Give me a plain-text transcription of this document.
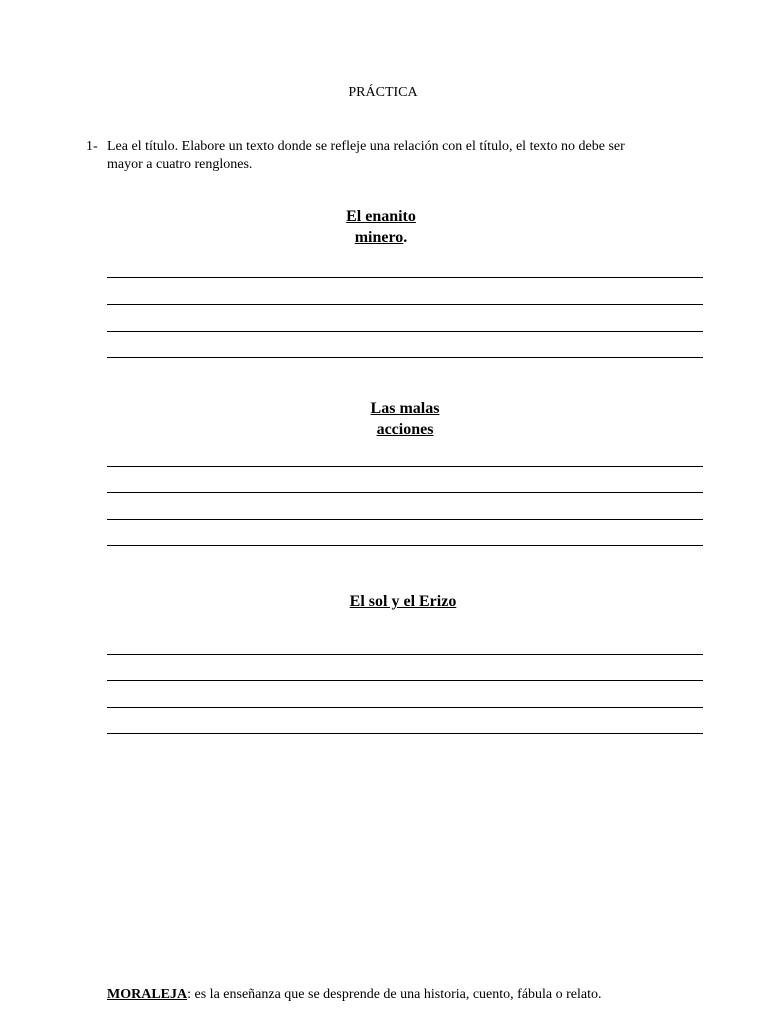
PRÁCTICA
1- Lea el título. Elabore un texto donde se refleje una relación con el título, el texto no debe ser
mayor a cuatro renglones.
El enanito
minero.
Las malas
acciones
El sol y el Erizo
MORALEJA: es la enseñanza que se desprende de una historia, cuento, fábula o relato.
